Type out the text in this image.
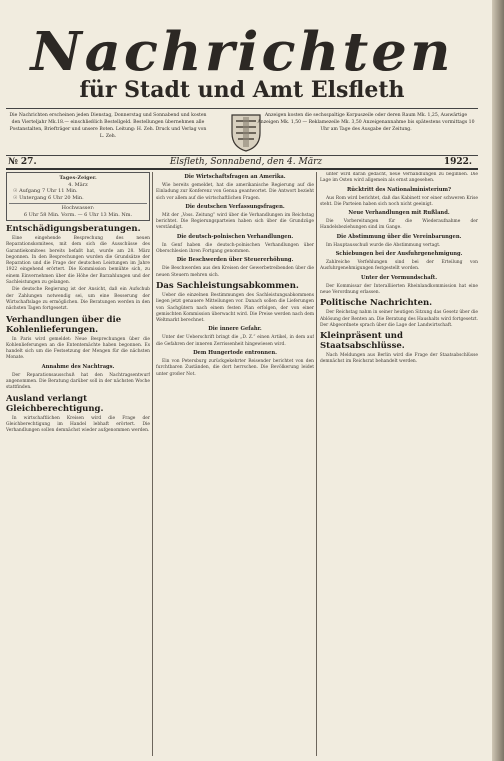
Nachrichten
für Stadt und Amt Elsfleth
Die Nachrichten erscheinen jeden Dienstag, Donnerstag und Sonnabend und kosten den Vierteljahr Mk.18.— einschließlich Bestellgeld. Bestellungen übernehmen alle Postanstalten, Briefträger und unsere Boten. Leitung: H. Zeh. Druck und Verlag von L. Zeh.
Anzeigen kosten die sechsspaltige Korpuszeile oder deren Raum Mk. 1,25, Auswärtige Anzeigen Mk. 1,50 — Reklamezeile Mk. 3,50 Anzeigenannahme bis spätestens vormittags 10 Uhr am Tage des Ausgabe der Zeitung.
№ 27.	Elsfleth, Sonnabend, den 4. März	1922.
Tages-Zeiger.
4. März
☉ Aufgang 7 Uhr 11 Min.
☉ Untergang 6 Uhr 20 Min.
Hochwasser:
6 Uhr 58 Min. Vorm. — 6 Uhr 13 Min. Nm.
Entschädigungsberatungen.

Eine eingehende Besprechung des neuen Reparationskomitees, mit dem sich die Ausschüsse des Garantiekomitees bereits befaßt hat, wurde am 28. März begonnen. In den Besprechungen wurden die Grundsätze der Reparation und die Frage der deutschen Leistungen im Jahre 1922 eingehend erörtert. Die Kommission bemühte sich, zu einem Einvernehmen über die Höhe der Barzahlungen und der Sachleistungen zu gelangen.

Die deutsche Regierung ist der Ansicht, daß ein Aufschub der Zahlungen notwendig sei, um eine Besserung der Wirtschaftslage zu ermöglichen. Die Beratungen werden in den nächsten Tagen fortgesetzt.

Verhandlungen über die Kohlenlieferungen.

In Paris wird gemeldet: Neue Besprechungen über die Kohlenlieferungen an die Ententemächte haben begonnen. Es handelt sich um die Festsetzung der Mengen für die nächsten Monate.

Annahme des Nachtrags.

Der Reparationsausschuß hat den Nachtragsentwurf angenommen. Die Beratung darüber soll in der nächsten Woche stattfinden.

Ausland verlangt Gleichberechtigung.

In wirtschaftlichen Kreisen wird die Frage der Gleichberechtigung im Handel lebhaft erörtert. Die Verhandlungen sollen demnächst wieder aufgenommen werden.

Die Wirtschaftsfragen an Amerika.

Wie bereits gemeldet, hat die amerikanische Regierung auf die Einladung zur Konferenz von Genua geantwortet. Die Antwort bezieht sich vor allem auf die wirtschaftlichen Fragen.

Die deutschen Verfassungsfragen.

Mit der „Voss. Zeitung“ wird über die Verhandlungen im Reichstag berichtet. Die Regierungsparteien haben sich über die Grundzüge verständigt.

Die deutsch-polnischen Verhandlungen.

In Genf haben die deutsch-polnischen Verhandlungen über Oberschlesien ihren Fortgang genommen.

Die Beschwerden über Steuererhöhung.

Die Beschwerden aus den Kreisen der Gewerbetreibenden über die neuen Steuern mehren sich.

Das Sachleistungsabkommen.

Ueber die einzelnen Bestimmungen des Sachleistungsabkommens liegen jetzt genauere Mitteilungen vor. Danach sollen die Lieferungen von Sachgütern nach einem festen Plan erfolgen, der von einer gemischten Kommission überwacht wird. Die Preise werden nach dem Weltmarkt berechnet.

Die innere Gefahr.

Unter der Ueberschrift bringt die „D. Z.“ einen Artikel, in dem auf die Gefahren der inneren Zerrissenheit hingewiesen wird.

Dem Hungertode entronnen.

Ein von Petersburg zurückgekehrter Reisender berichtet von den furchtbaren Zuständen, die dort herrschen. Die Bevölkerung leidet unter großer Not.

unter wird daran gedacht, neue Verhandlungen zu beginnen. Die Lage im Osten wird allgemein als ernst angesehen.

Rücktritt des Nationalministerium?

Aus Rom wird berichtet, daß das Kabinett vor einer schweren Krise steht. Die Parteien haben sich noch nicht geeinigt.

Neue Verhandlungen mit Rußland.

Die Vorbereitungen für die Wiederaufnahme der Handelsbeziehungen sind im Gange.

Die Abstimmung über die Vereinbarungen.

Im Hauptausschuß wurde die Abstimmung vertagt.

Schiebungen bei der Ausfuhrgenehmigung.

Zahlreiche Verfehlungen sind bei der Erteilung von Ausfuhrgenehmigungen festgestellt worden.

Unter der Vormundschaft.

Der Kommissar der Interalliierten Rheinlandkommission hat eine neue Verordnung erlassen.

Politische Nachrichten.

Der Reichstag nahm in seiner heutigen Sitzung das Gesetz über die Ablösung der Renten an. Die Beratung des Haushalts wird fortgesetzt. Der Abgeordnete sprach über die Lage der Landwirtschaft.

Kleinpräsent und Staatsabschlüsse.

Nach Meldungen aus Berlin wird die Frage der Staatsabschlüsse demnächst im Reichsrat behandelt werden.
